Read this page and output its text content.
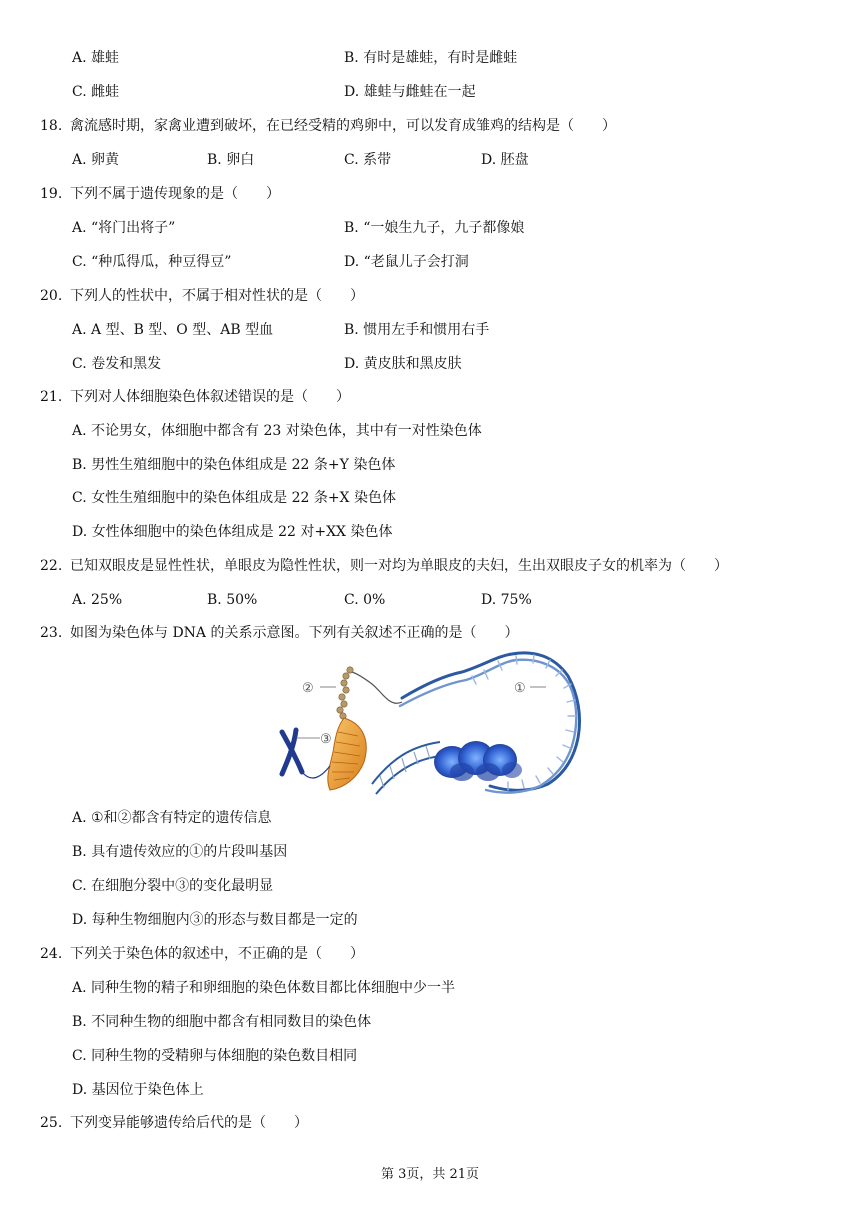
A. 雄蛙	B. 有时是雄蛙，有时是雌蛙
C. 雌蛙	D. 雄蛙与雌蛙在一起
18. 禽流感时期，家禽业遭到破坏，在已经受精的鸡卵中，可以发育成雏鸡的结构是（　　）
A. 卵黄	B. 卵白	C. 系带	D. 胚盘
19. 下列不属于遗传现象的是（　　）
A. “将门出将子”	B. “一娘生九子，九子都像娘
C. “种瓜得瓜，种豆得豆”	D. “老鼠儿子会打洞
20. 下列人的性状中，不属于相对性状的是（　　）
A. A 型、B 型、O 型、AB 型血	B. 惯用左手和惯用右手
C. 卷发和黑发	D. 黄皮肤和黑皮肤
21. 下列对人体细胞染色体叙述错误的是（　　）
A. 不论男女，体细胞中都含有 23 对染色体，其中有一对性染色体
B. 男性生殖细胞中的染色体组成是 22 条+Y 染色体
C. 女性生殖细胞中的染色体组成是 22 条+X 染色体
D. 女性体细胞中的染色体组成是 22 对+XX 染色体
22. 已知双眼皮是显性性状，单眼皮为隐性性状，则一对均为单眼皮的夫妇，生出双眼皮子女的机率为（　　）
A. 25%	B. 50%	C. 0%	D. 75%
23. 如图为染色体与 DNA 的关系示意图。下列有关叙述不正确的是（　　）
①
②
③
A. ①和②都含有特定的遗传信息
B. 具有遗传效应的①的片段叫基因
C. 在细胞分裂中③的变化最明显
D. 每种生物细胞内③的形态与数目都是一定的
24. 下列关于染色体的叙述中，不正确的是（　　）
A. 同种生物的精子和卵细胞的染色体数目都比体细胞中少一半
B. 不同种生物的细胞中都含有相同数目的染色体
C. 同种生物的受精卵与体细胞的染色数目相同
D. 基因位于染色体上
25. 下列变异能够遗传给后代的是（　　）
第 3页，共 21页
